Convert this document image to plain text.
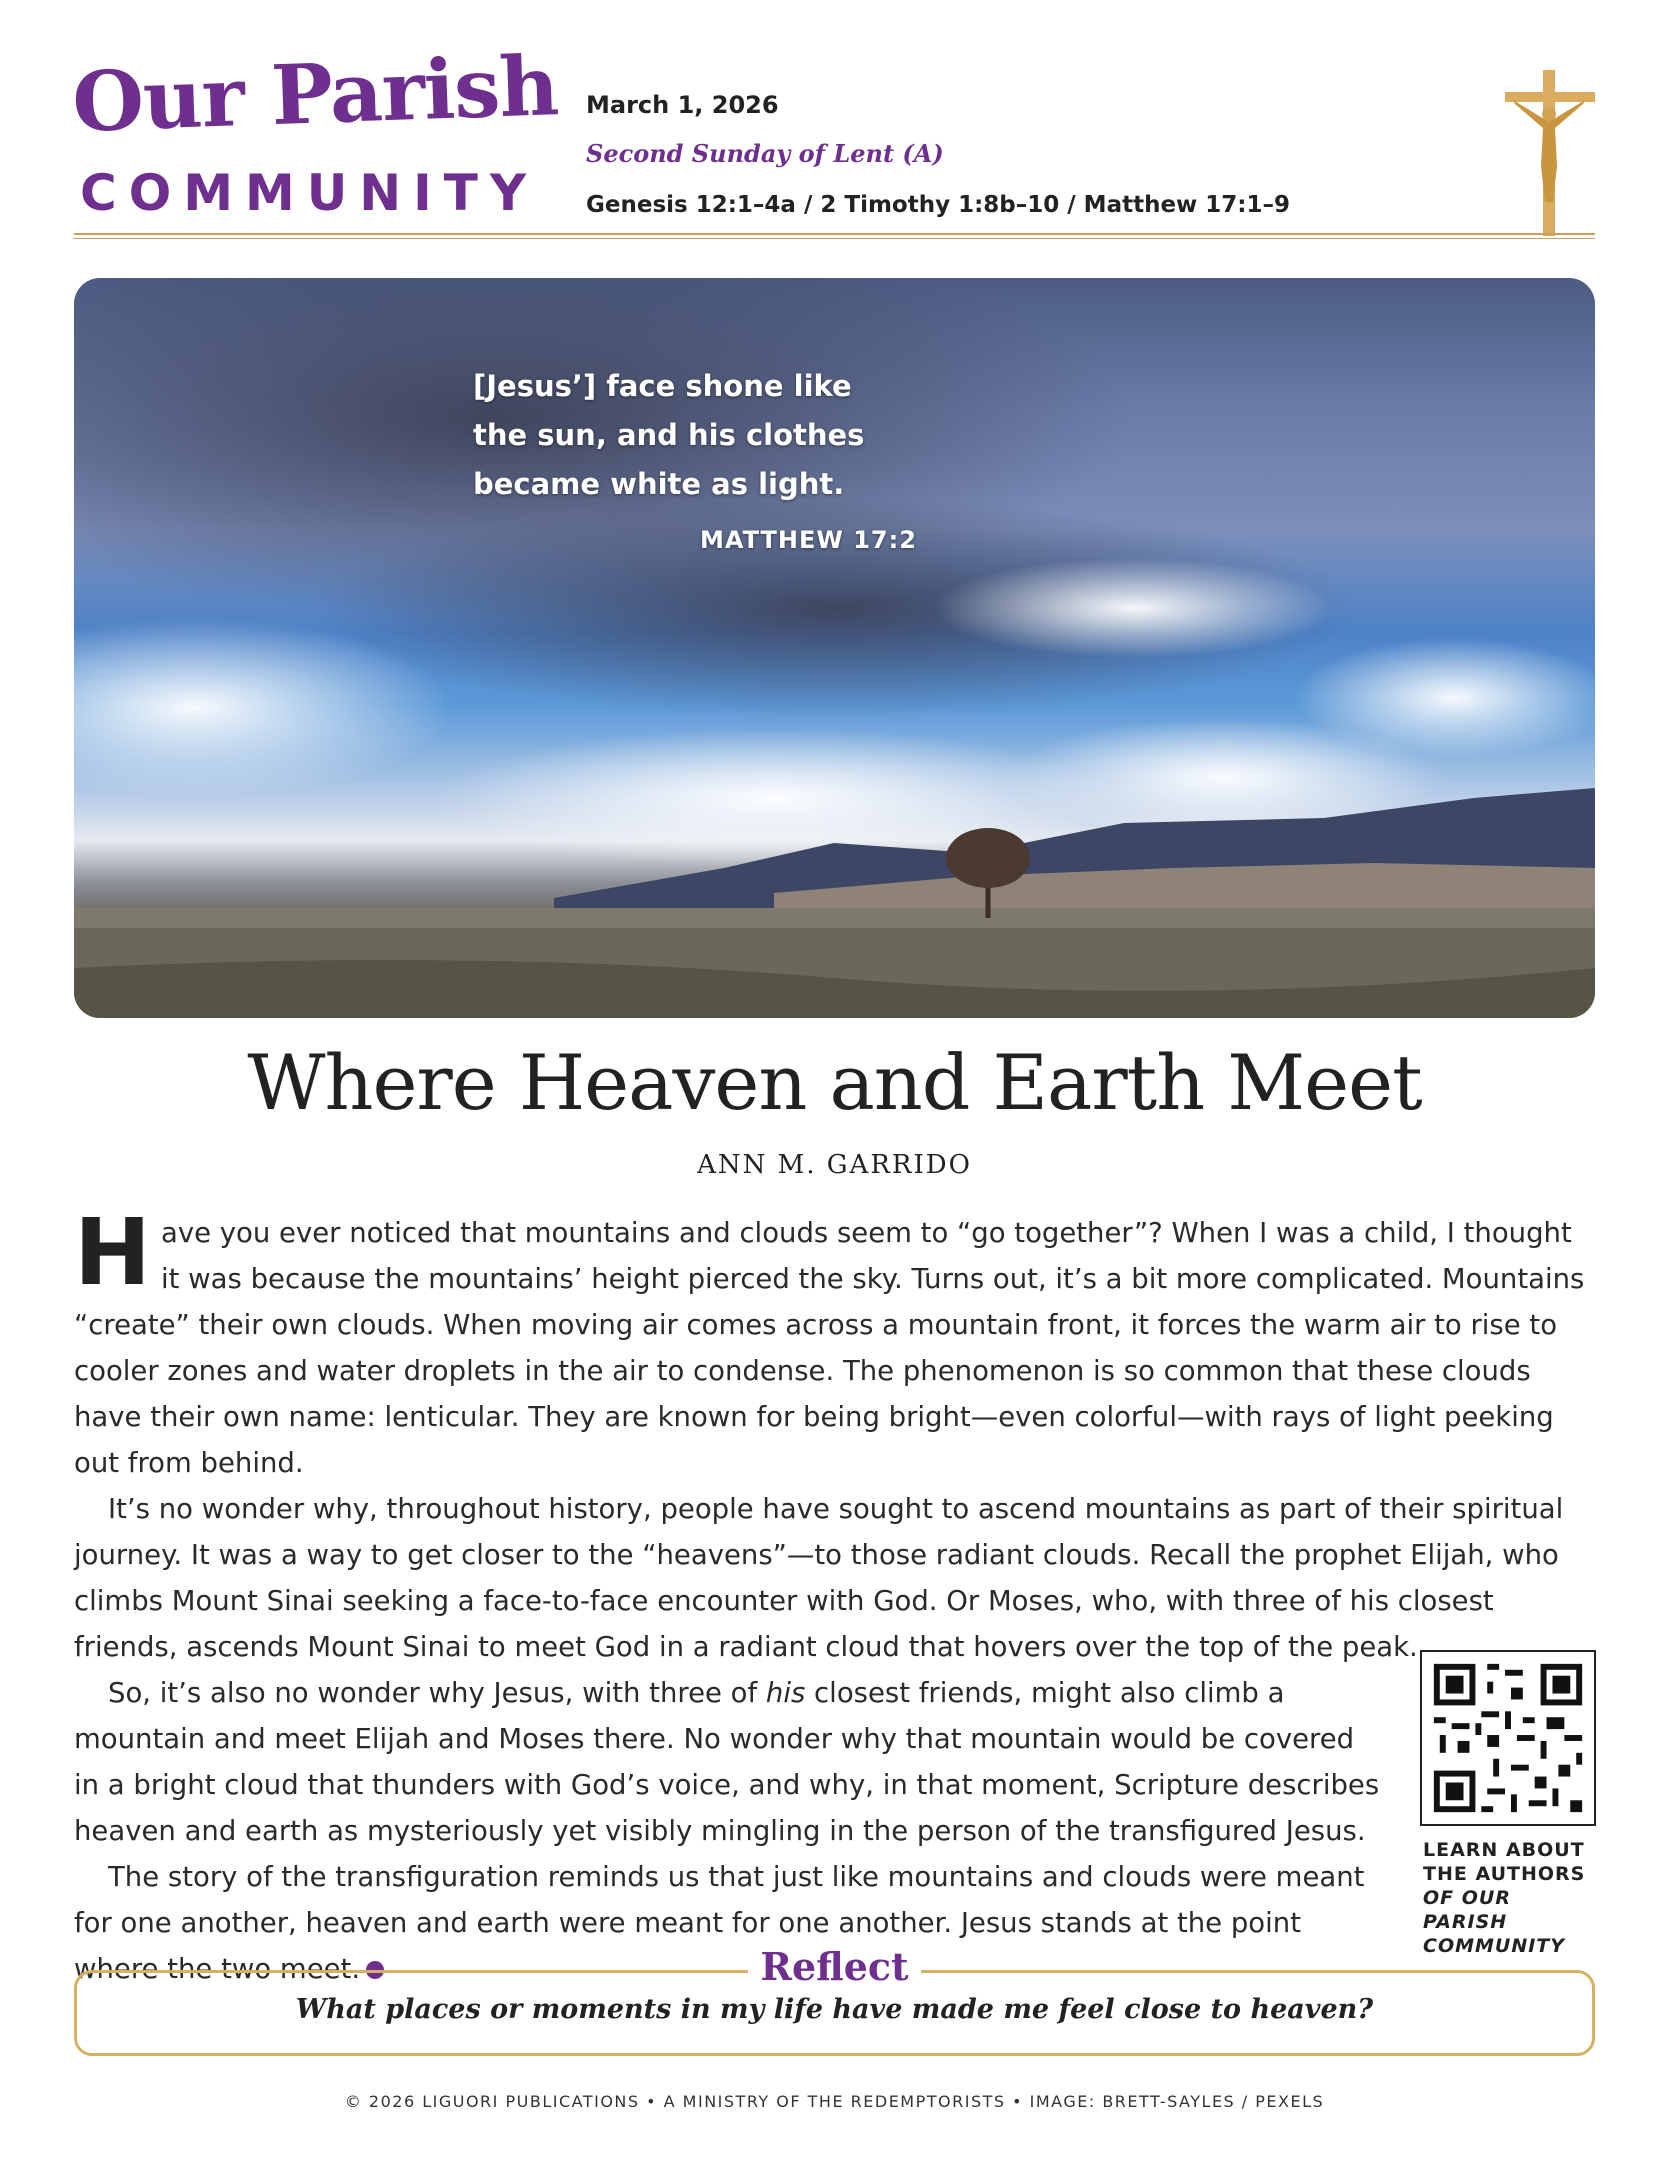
Our Parish
COMMUNITY
March 1, 2026
Second Sunday of Lent (A)
Genesis 12:1–4a / 2 Timothy 1:8b–10 / Matthew 17:1–9

[Jesus’] face shone like the sun, and his clothes became white as light.

MATTHEW 17:2

Where Heaven and Earth Meet
ANN M. GARRIDO

Have you ever noticed that mountains and clouds seem to “go together”? When I was a child, I thought it was because the mountains’ height pierced the sky. Turns out, it’s a bit more complicated. Mountains “create” their own clouds. When moving air comes across a mountain front, it forces the warm air to rise to cooler zones and water droplets in the air to condense. The phenomenon is so common that these clouds have their own name: lenticular. They are known for being bright—even colorful—with rays of light peeking out from behind.

It’s no wonder why, throughout history, people have sought to ascend mountains as part of their spiritual journey. It was a way to get closer to the “heavens”—to those radiant clouds. Recall the prophet Elijah, who climbs Mount Sinai seeking a face-to-face encounter with God. Or Moses, who, with three of his closest friends, ascends Mount Sinai to meet God in a radiant cloud that hovers over the top of the peak.

So, it’s also no wonder why Jesus, with three of his closest friends, might also climb a mountain and meet Elijah and Moses there. No wonder why that mountain would be covered in a bright cloud that thunders with God’s voice, and why, in that moment, Scripture describes heaven and earth as mysteriously yet visibly mingling in the person of the transfigured Jesus.

The story of the transfiguration reminds us that just like mountains and clouds were meant for one another, heaven and earth were meant for one another. Jesus stands at the point where the two meet.

LEARN ABOUT
THE AUTHORS
OF OUR PARISH
COMMUNITY

Reflect

What places or moments in my life have made me feel close to heaven?

© 2026 LIGUORI PUBLICATIONS • A MINISTRY OF THE REDEMPTORISTS • IMAGE: BRETT-SAYLES / PEXELS
